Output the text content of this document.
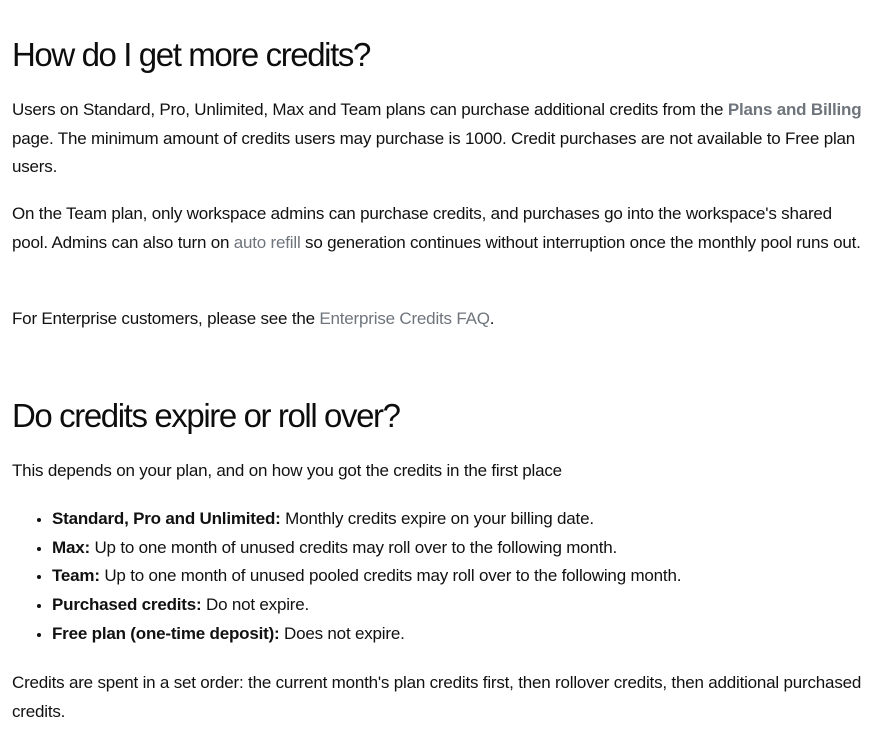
How do I get more credits?

Users on Standard, Pro, Unlimited, Max and Team plans can purchase additional credits from the Plans and Billing page. The minimum amount of credits users may purchase is 1000. Credit purchases are not available to Free plan users.

On the Team plan, only workspace admins can purchase credits, and purchases go into the workspace's shared pool. Admins can also turn on auto refill so generation continues without interruption once the monthly pool runs out.

For Enterprise customers, please see the Enterprise Credits FAQ.

Do credits expire or roll over?

This depends on your plan, and on how you got the credits in the first place

• Standard, Pro and Unlimited: Monthly credits expire on your billing date.
• Max: Up to one month of unused credits may roll over to the following month.
• Team: Up to one month of unused pooled credits may roll over to the following month.
• Purchased credits: Do not expire.
• Free plan (one-time deposit): Does not expire.

Credits are spent in a set order: the current month's plan credits first, then rollover credits, then additional purchased credits.
